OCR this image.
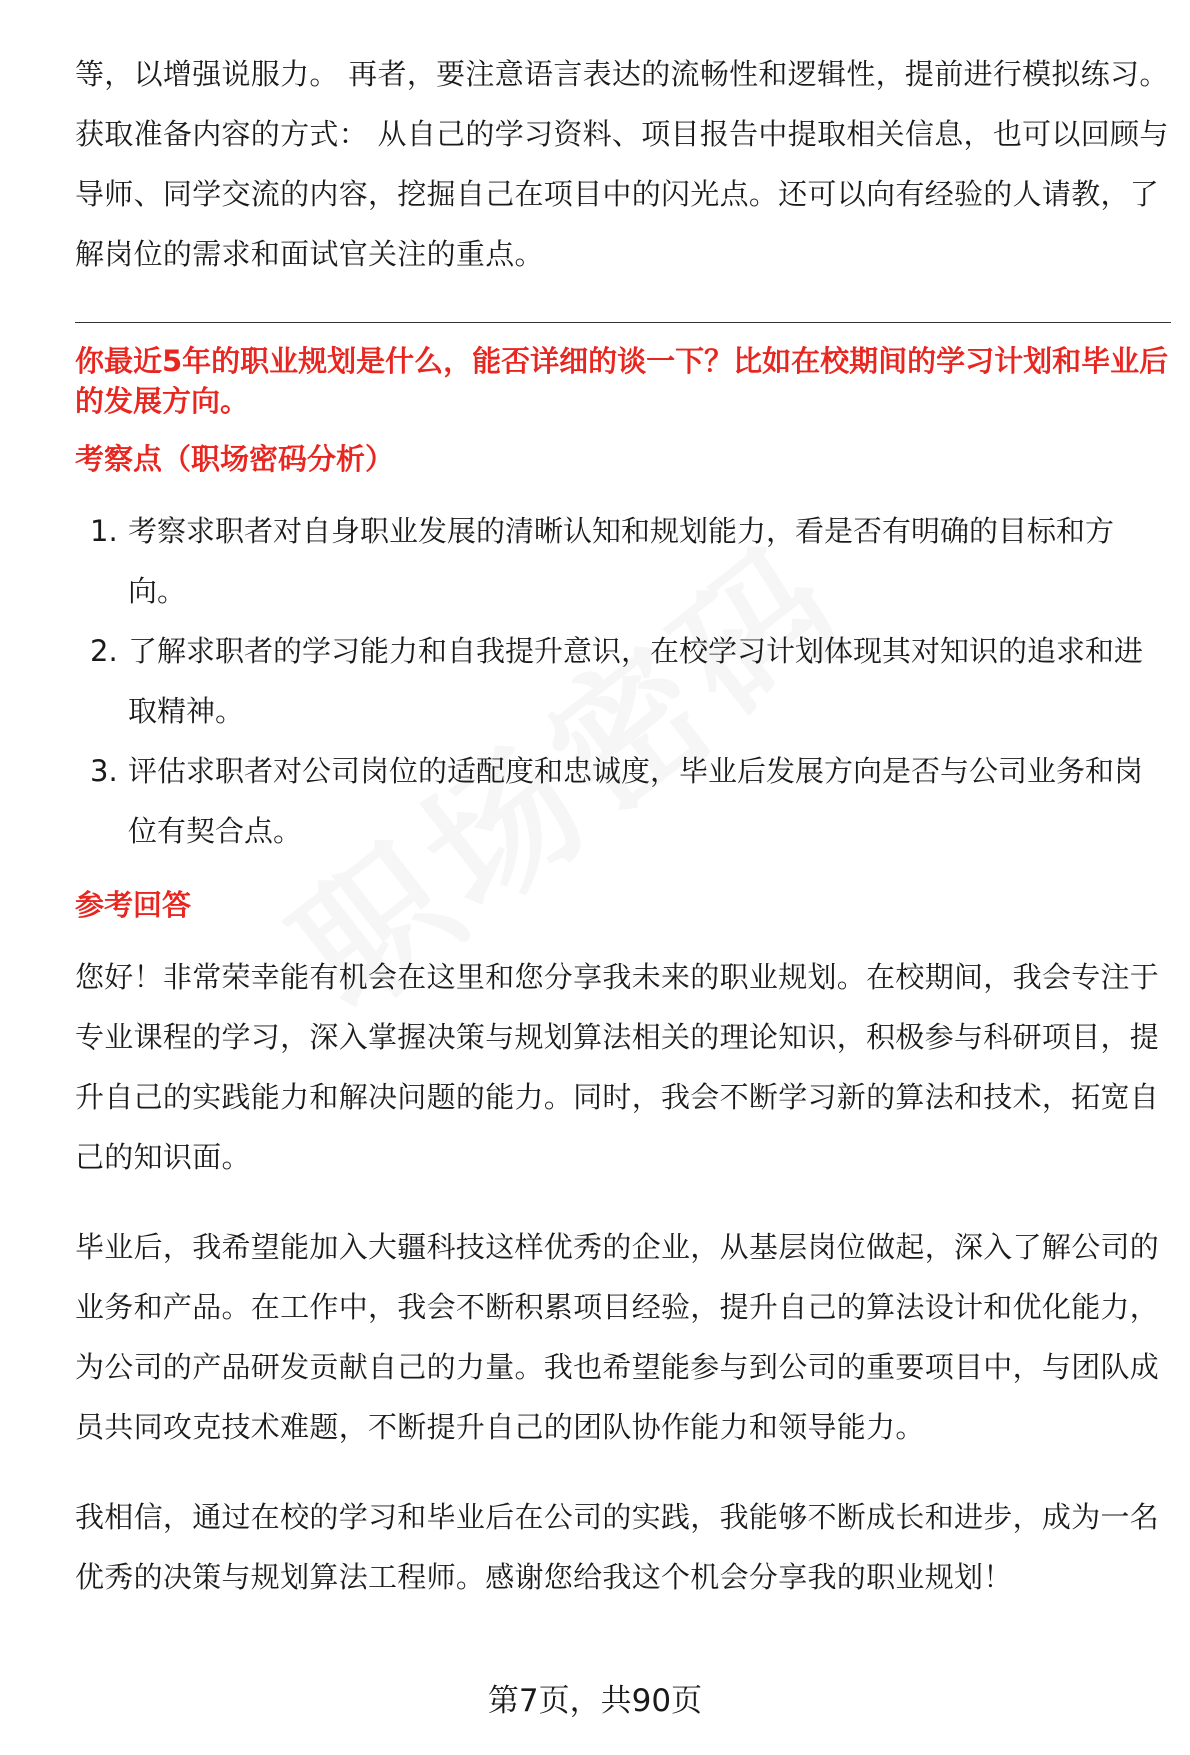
等，以增强说服力。 再者，要注意语言表达的流畅性和逻辑性，提前进行模拟练习。 获取准备内容的方式： 从自己的学习资料、项目报告中提取相关信息，也可以回顾与导师、同学交流的内容，挖掘自己在项目中的闪光点。还可以向有经验的人请教，了解岗位的需求和面试官关注的重点。

你最近5年的职业规划是什么，能否详细的谈一下？比如在校期间的学习计划和毕业后的发展方向。

考察点（职场密码分析）

1. 考察求职者对自身职业发展的清晰认知和规划能力，看是否有明确的目标和方向。
2. 了解求职者的学习能力和自我提升意识，在校学习计划体现其对知识的追求和进取精神。
3. 评估求职者对公司岗位的适配度和忠诚度，毕业后发展方向是否与公司业务和岗位有契合点。

参考回答

您好！非常荣幸能有机会在这里和您分享我未来的职业规划。在校期间，我会专注于专业课程的学习，深入掌握决策与规划算法相关的理论知识，积极参与科研项目，提升自己的实践能力和解决问题的能力。同时，我会不断学习新的算法和技术，拓宽自己的知识面。

毕业后，我希望能加入大疆科技这样优秀的企业，从基层岗位做起，深入了解公司的业务和产品。在工作中，我会不断积累项目经验，提升自己的算法设计和优化能力，为公司的产品研发贡献自己的力量。我也希望能参与到公司的重要项目中，与团队成员共同攻克技术难题，不断提升自己的团队协作能力和领导能力。

我相信，通过在校的学习和毕业后在公司的实践，我能够不断成长和进步，成为一名优秀的决策与规划算法工程师。感谢您给我这个机会分享我的职业规划！

第7页，共90页
